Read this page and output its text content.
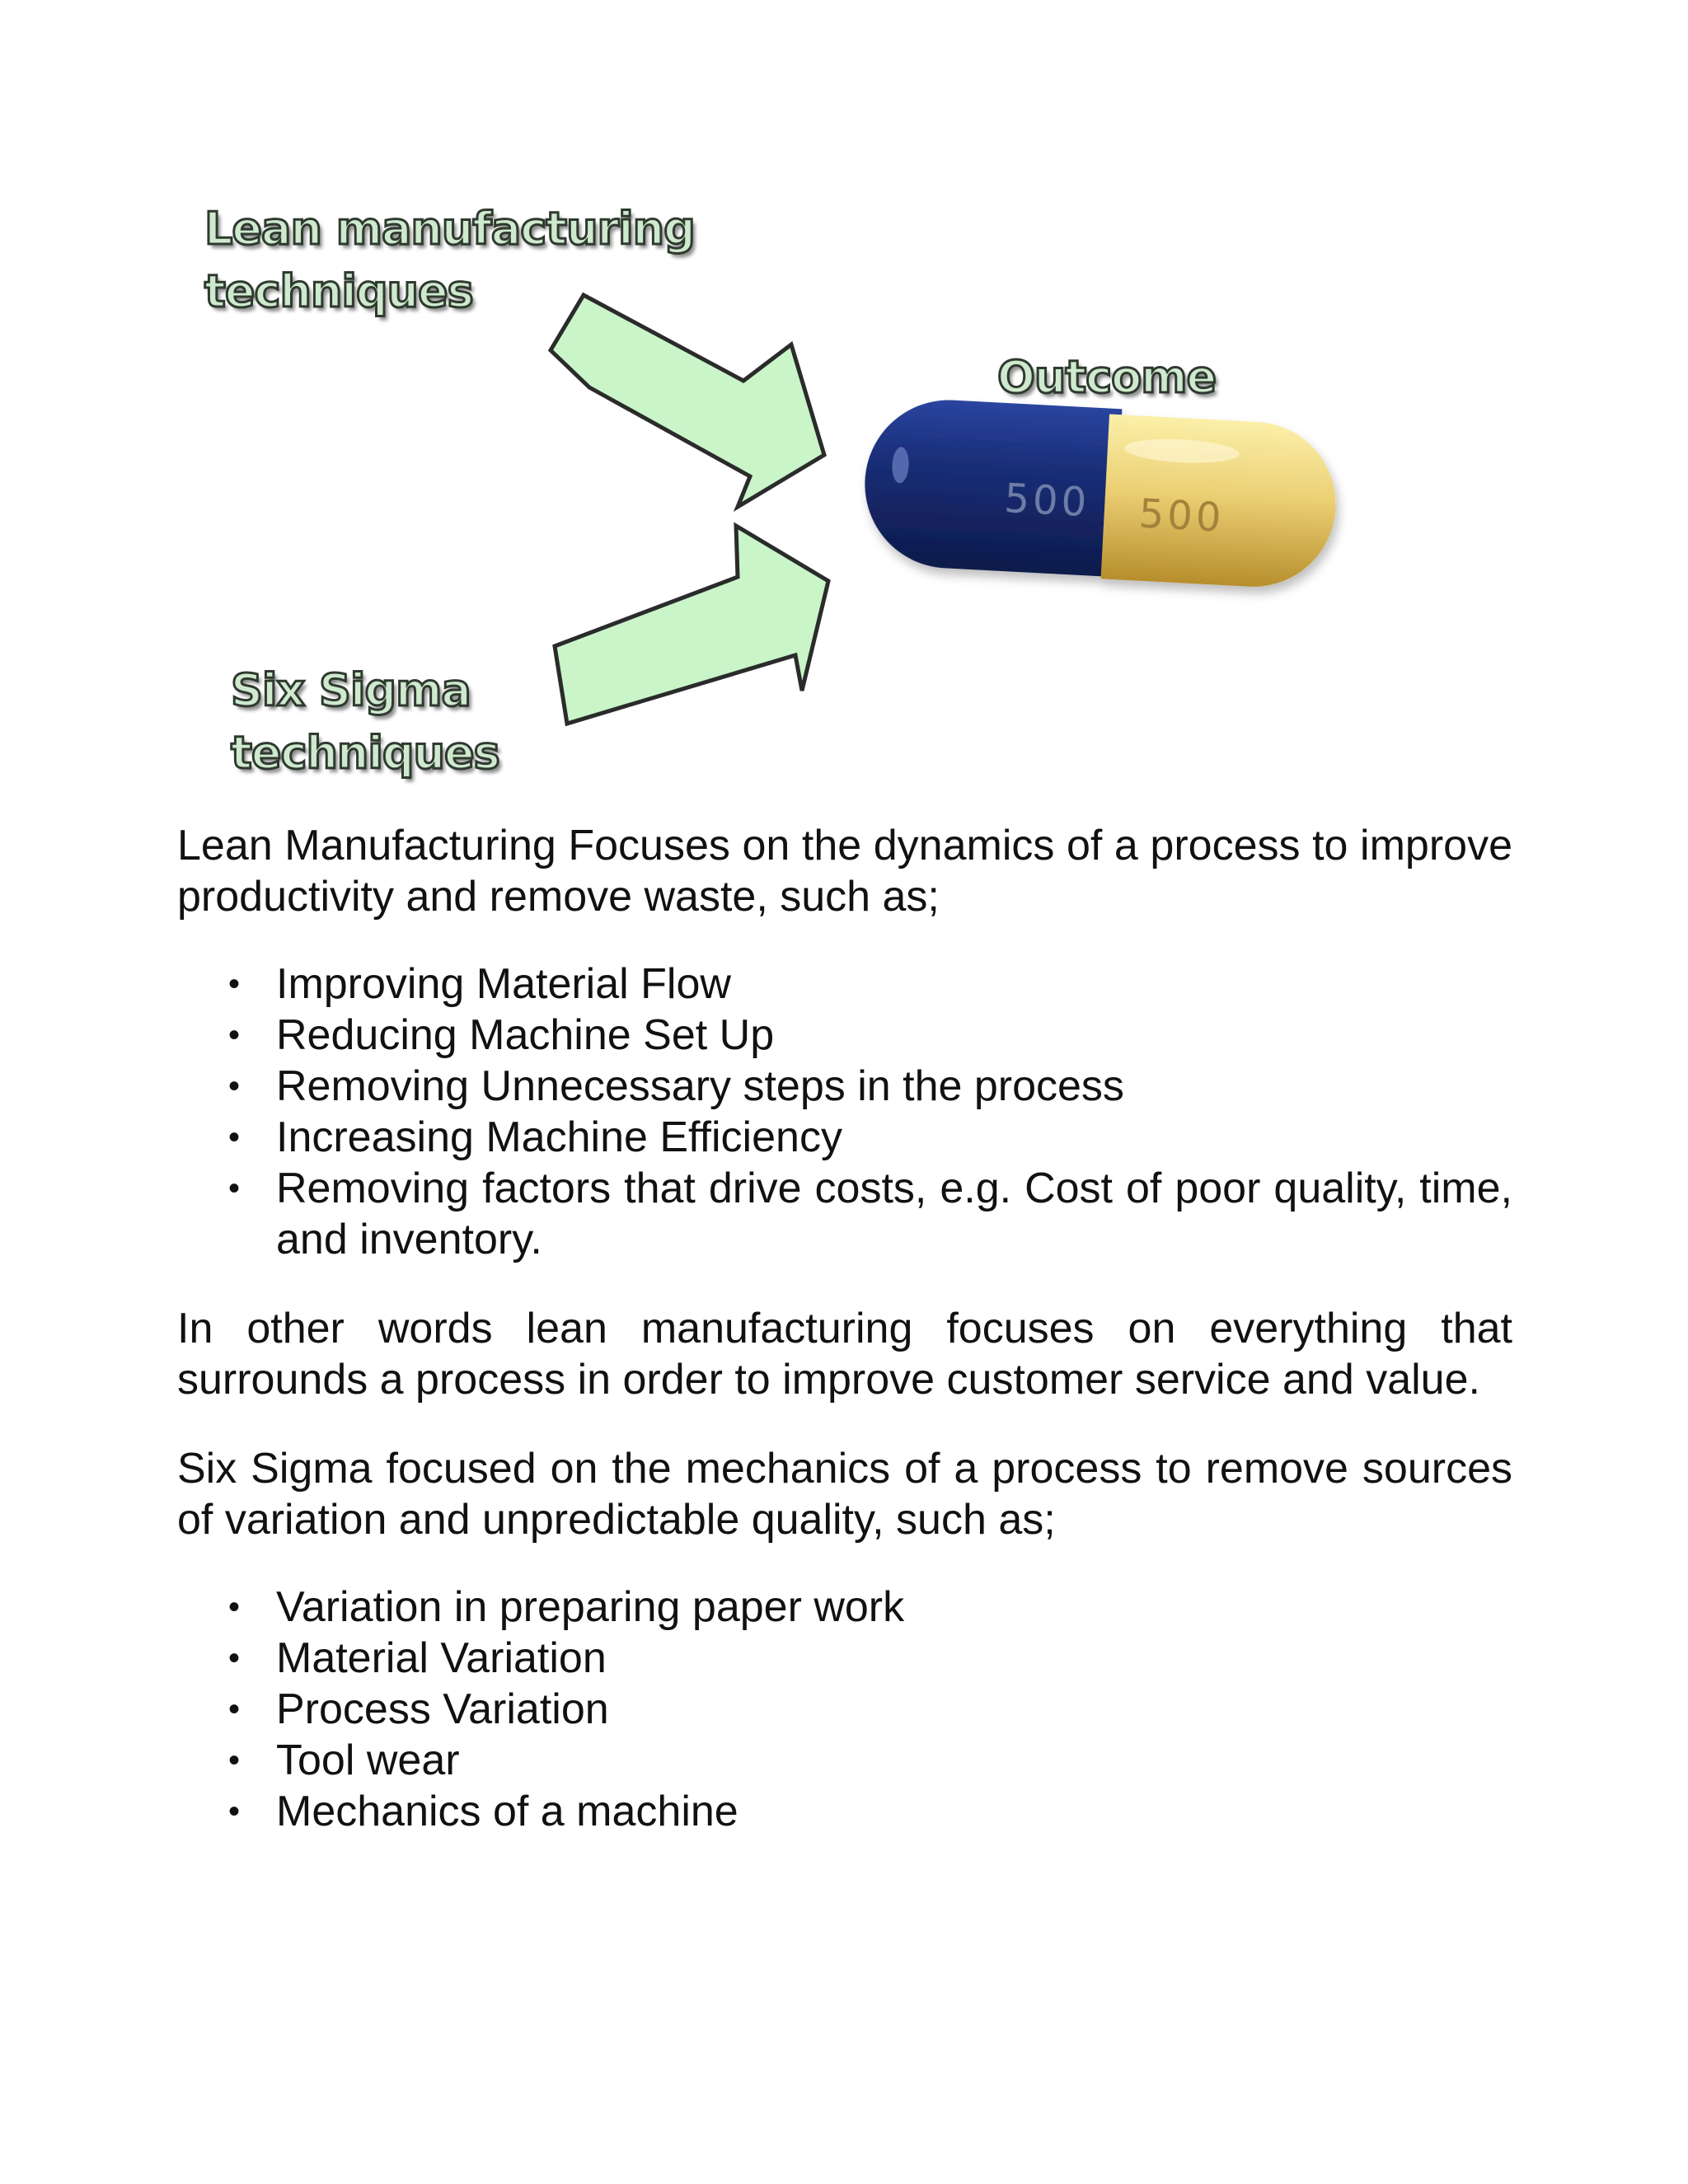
500 500
Lean manufacturing techniques
Six Sigma techniques
Outcome

Lean Manufacturing Focuses on the dynamics of a process to improve productivity and remove waste, such as;

• Improving Material Flow
• Reducing Machine Set Up
• Removing Unnecessary steps in the process
• Increasing Machine Efficiency
• Removing factors that drive costs, e.g. Cost of poor quality, time, and inventory.

In other words lean manufacturing focuses on everything that surrounds a process in order to improve customer service and value.

Six Sigma focused on the mechanics of a process to remove sources of variation and unpredictable quality, such as;

• Variation in preparing paper work
• Material Variation
• Process Variation
• Tool wear
• Mechanics of a machine
